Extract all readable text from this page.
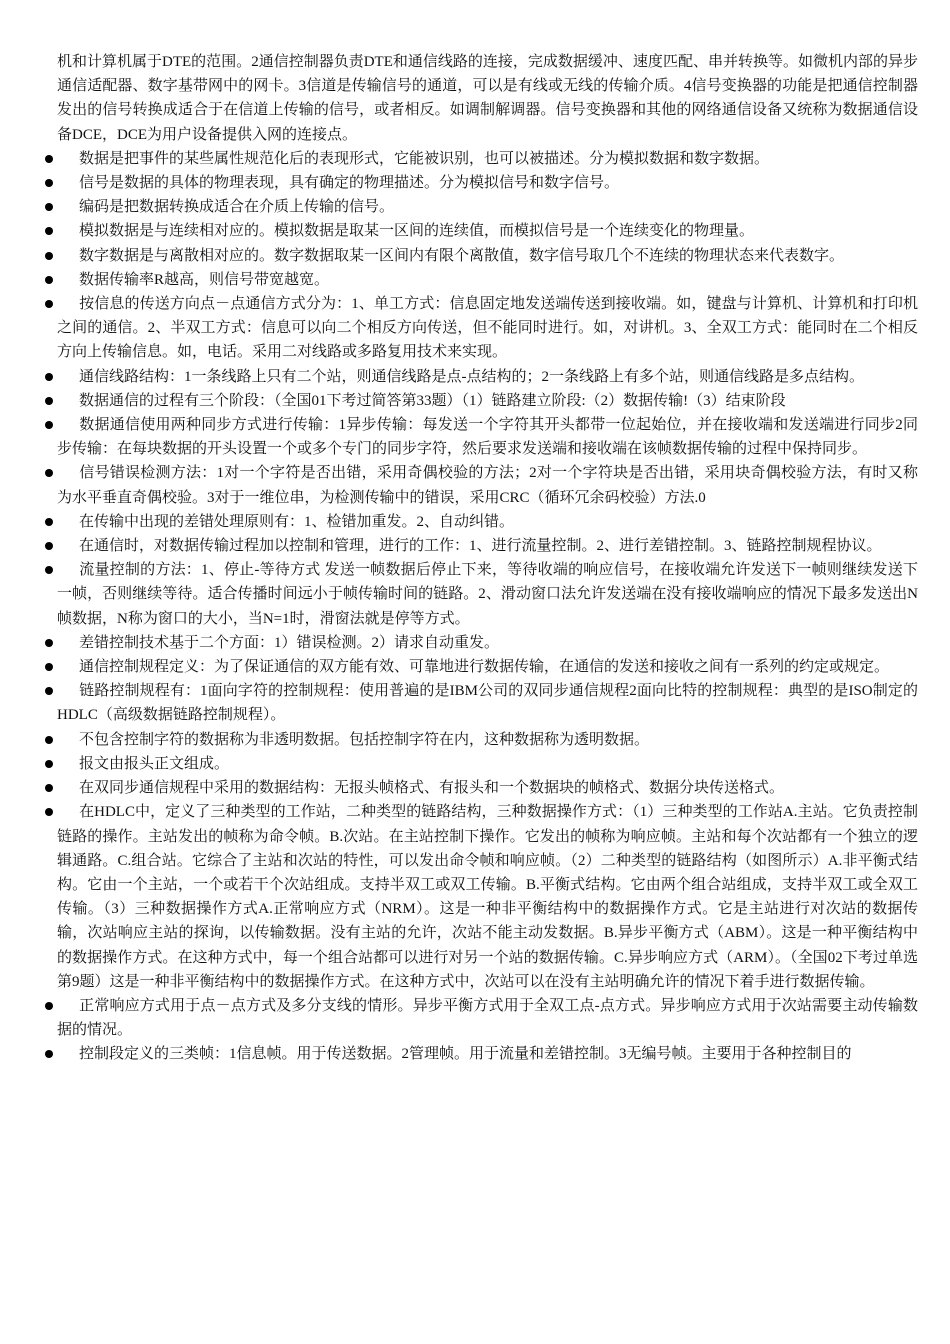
机和计算机属于DTE的范围。2通信控制器负责DTE和通信线路的连接，完成数据缓冲、速度匹配、串并转换等。如微机内部的异步通信适配器、数字基带网中的网卡。3信道是传输信号的通道，可以是有线或无线的传输介质。4信号变换器的功能是把通信控制器发出的信号转换成适合于在信道上传输的信号，或者相反。如调制解调器。信号变换器和其他的网络通信设备又统称为数据通信设备DCE，DCE为用户设备提供入网的连接点。

数据是把事件的某些属性规范化后的表现形式，它能被识别，也可以被描述。分为模拟数据和数字数据。
信号是数据的具体的物理表现，具有确定的物理描述。分为模拟信号和数字信号。
编码是把数据转换成适合在介质上传输的信号。
模拟数据是与连续相对应的。模拟数据是取某一区间的连续值，而模拟信号是一个连续变化的物理量。
数字数据是与离散相对应的。数字数据取某一区间内有限个离散值，数字信号取几个不连续的物理状态来代表数字。
数据传输率R越高，则信号带宽越宽。
按信息的传送方向点－点通信方式分为：1、单工方式：信息固定地发送端传送到接收端。如，键盘与计算机、计算机和打印机之间的通信。2、半双工方式：信息可以向二个相反方向传送，但不能同时进行。如，对讲机。3、全双工方式：能同时在二个相反方向上传输信息。如，电话。采用二对线路或多路复用技术来实现。
通信线路结构：1一条线路上只有二个站，则通信线路是点-点结构的；2一条线路上有多个站，则通信线路是多点结构。
数据通信的过程有三个阶段：（全国01下考过简答第33题）（1）链路建立阶段:（2）数据传输!（3）结束阶段
数据通信使用两种同步方式进行传输：1异步传输：每发送一个字符其开头都带一位起始位，并在接收端和发送端进行同步2同步传输：在每块数据的开头设置一个或多个专门的同步字符，然后要求发送端和接收端在该帧数据传输的过程中保持同步。
信号错误检测方法：1对一个字符是否出错，采用奇偶校验的方法；2对一个字符块是否出错，采用块奇偶校验方法，有时又称为水平垂直奇偶校验。3对于一维位串，为检测传输中的错误，采用CRC（循环冗余码校验）方法.0
在传输中出现的差错处理原则有：1、检错加重发。2、自动纠错。
在通信时，对数据传输过程加以控制和管理，进行的工作：1、进行流量控制。2、进行差错控制。3、链路控制规程协议。
流量控制的方法：1、停止-等待方式 发送一帧数据后停止下来，等待收端的响应信号，在接收端允许发送下一帧则继续发送下一帧，否则继续等待。适合传播时间远小于帧传输时间的链路。2、滑动窗口法允许发送端在没有接收端响应的情况下最多发送出N帧数据，N称为窗口的大小，当N=1时，滑窗法就是停等方式。
差错控制技术基于二个方面：1）错误检测。2）请求自动重发。
通信控制规程定义：为了保证通信的双方能有效、可靠地进行数据传输，在通信的发送和接收之间有一系列的约定或规定。
链路控制规程有：1面向字符的控制规程：使用普遍的是IBM公司的双同步通信规程2面向比特的控制规程：典型的是ISO制定的HDLC（高级数据链路控制规程）。
不包含控制字符的数据称为非透明数据。包括控制字符在内，这种数据称为透明数据。
报文由报头正文组成。
在双同步通信规程中采用的数据结构：无报头帧格式、有报头和一个数据块的帧格式、数据分块传送格式。
在HDLC中，定义了三种类型的工作站，二种类型的链路结构，三种数据操作方式：（1）三种类型的工作站A.主站。它负责控制链路的操作。主站发出的帧称为命令帧。B.次站。在主站控制下操作。它发出的帧称为响应帧。主站和每个次站都有一个独立的逻辑通路。C.组合站。它综合了主站和次站的特性，可以发出命令帧和响应帧。（2）二种类型的链路结构（如图所示）A.非平衡式结构。它由一个主站，一个或若干个次站组成。支持半双工或双工传输。B.平衡式结构。它由两个组合站组成，支持半双工或全双工传输。（3）三种数据操作方式A.正常响应方式（NRM）。这是一种非平衡结构中的数据操作方式。它是主站进行对次站的数据传输，次站响应主站的探询，以传输数据。没有主站的允许，次站不能主动发数据。B.异步平衡方式（ABM）。这是一种平衡结构中的数据操作方式。在这种方式中，每一个组合站都可以进行对另一个站的数据传输。C.异步响应方式（ARM）。（全国02下考过单选第9题）这是一种非平衡结构中的数据操作方式。在这种方式中，次站可以在没有主站明确允许的情况下着手进行数据传输。
正常响应方式用于点－点方式及多分支线的情形。异步平衡方式用于全双工点-点方式。异步响应方式用于次站需要主动传输数据的情况。
控制段定义的三类帧：1信息帧。用于传送数据。2管理帧。用于流量和差错控制。3无编号帧。主要用于各种控制目的
